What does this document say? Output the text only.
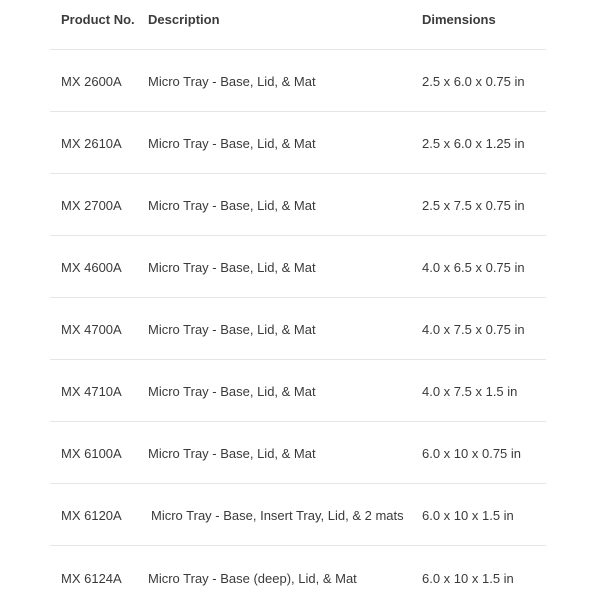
Product No.	Description	Dimensions
MX 2600A	Micro Tray - Base, Lid, & Mat	2.5 x 6.0 x 0.75 in
MX 2610A	Micro Tray - Base, Lid, & Mat	2.5 x 6.0 x 1.25 in
MX 2700A	Micro Tray - Base, Lid, & Mat	2.5 x 7.5 x 0.75 in
MX 4600A	Micro Tray - Base, Lid, & Mat	4.0 x 6.5 x 0.75 in
MX 4700A	Micro Tray - Base, Lid, & Mat	4.0 x 7.5 x 0.75 in
MX 4710A	Micro Tray - Base, Lid, & Mat	4.0 x 7.5 x 1.5 in
MX 6100A	Micro Tray - Base, Lid, & Mat	6.0 x 10 x 0.75 in
MX 6120A	Micro Tray - Base, Insert Tray, Lid, & 2 mats	6.0 x 10 x 1.5 in
MX 6124A	Micro Tray - Base (deep), Lid, & Mat	6.0 x 10 x 1.5 in
